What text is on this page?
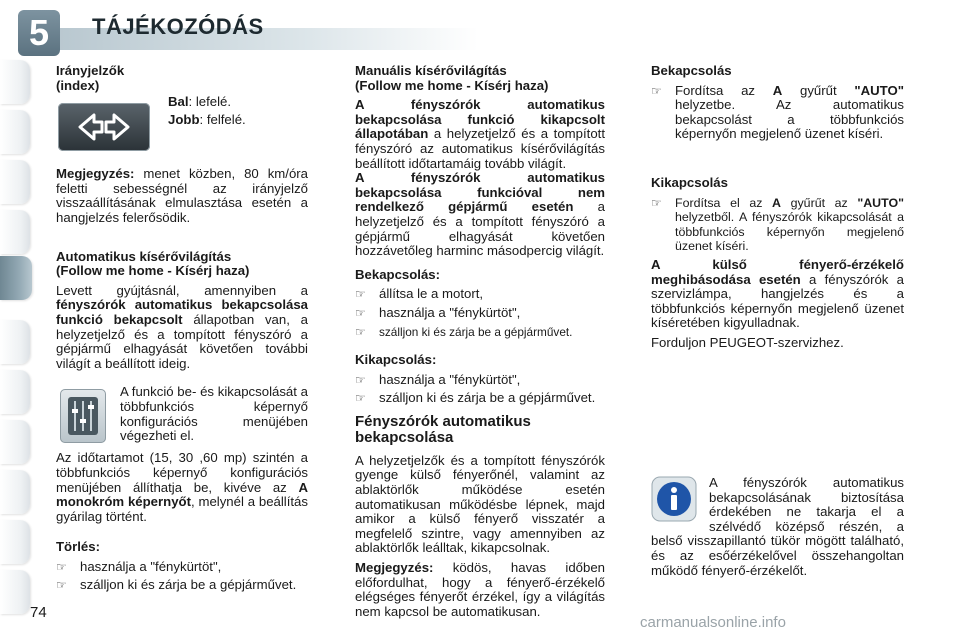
5	TÁJÉKOZÓDÁS
Irányjelzők
(index)
Bal: lefelé.
Jobb: felfelé.

Megjegyzés: menet közben, 80 km/óra feletti sebességnél az irányjelző visszaállításának elmulasztása esetén a hangjelzés felerősödik.

Automatikus kísérővilágítás
(Follow me home - Kísérj haza)

Levett gyújtásnál, amennyiben a fényszórók automatikus bekapcsolása funkció bekapcsolt állapotban van, a helyzetjelző és a tompított fényszóró a gépjármű elhagyását követően további világít a beállított ideig.

A funkció be- és kikapcsolását a többfunkciós képernyő konfigurációs menüjében végezheti el.

Az időtartamot (15, 30 ,60 mp) szintén a többfunkciós képernyő konfigurációs menüjében állíthatja be, kivéve az A monokróm képernyőt, melynél a beállítás gyárilag történt.

Törlés:
☞ használja a "fénykürtöt",
☞ szálljon ki és zárja be a gépjárművet.
Manuális kísérővilágítás
(Follow me home - Kísérj haza)

A fényszórók automatikus bekapcsolása funkció kikapcsolt állapotában a helyzetjelző és a tompított fényszóró az automatikus kísérővilágítás beállított időtartamáig tovább világít.

A fényszórók automatikus bekapcsolása funkcióval nem rendelkező gépjármű esetén a helyzetjelző és a tompított fényszóró a gépjármű elhagyását követően hozzávetőleg harminc másodpercig világít.

Bekapcsolás:
☞ állítsa le a motort,
☞ használja a "fénykürtöt",
☞ szálljon ki és zárja be a gépjárművet.
Kikapcsolás:
☞ használja a "fénykürtöt",
☞ szálljon ki és zárja be a gépjárművet.
Fényszórók automatikus
bekapcsolása

A helyzetjelzők és a tompított fényszórók gyenge külső fényerőnél, valamint az ablaktörlők működése esetén automatikusan működésbe lépnek, majd amikor a külső fényerő visszatér a megfelelő szintre, vagy amennyiben az ablaktörlők leálltak, kikapcsolnak.

Megjegyzés: ködös, havas időben előfordulhat, hogy a fényerő-érzékelő elégséges fényerőt érzékel, így a világítás nem kapcsol be automatikusan.

Bekapcsolás
☞ Fordítsa az A gyűrűt "AUTO" helyzetbe. Az automatikus bekapcsolást a többfunkciós képernyőn megjelenő üzenet kíséri.
Kikapcsolás
☞ Fordítsa el az A gyűrűt az "AUTO" helyzetből. A fényszórók kikapcsolását a többfunkciós képernyőn megjelenő üzenet kíséri.

A külső fényerő-érzékelő meghibásodása esetén a fényszórók a szervizlámpa, hangjelzés és a többfunkciós képernyőn megjelenő üzenet kíséretében kigyulladnak.

Forduljon PEUGEOT-szervizhez.

A fényszórók automatikus bekapcsolásának biztosítása érdekében ne takarja el a szélvédő középső részén, a belső visszapillantó tükör mögött található, és az esőérzékelővel összehangoltan működő fényerő-érzékelőt.

74
carmanualsonline.info
